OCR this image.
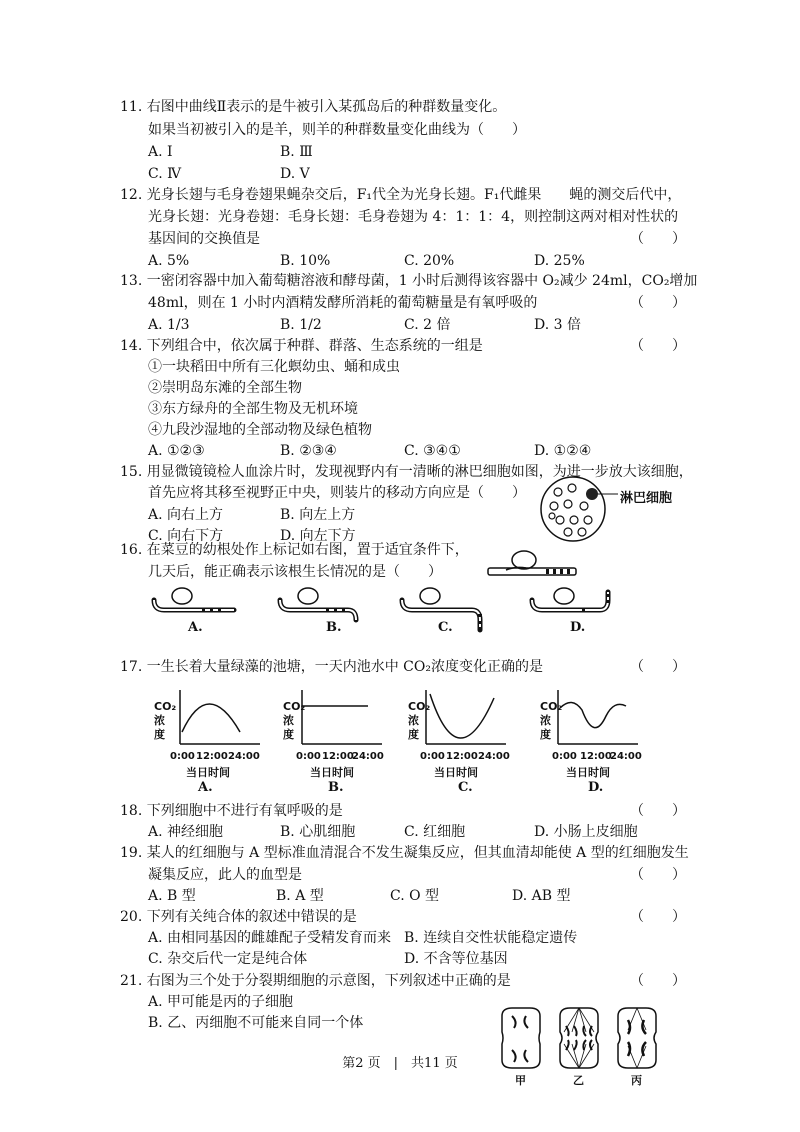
11. 右图中曲线Ⅱ表示的是牛被引入某孤岛后的种群数量变化。
如果当初被引入的是羊，则羊的种群数量变化曲线为（　　）
A. Ⅰ	B. Ⅲ
C. Ⅳ	D. Ⅴ
12. 光身长翅与毛身卷翅果蝇杂交后，F₁代全为光身长翅。F₁代雌果　　蝇的测交后代中，
光身长翅：光身卷翅：毛身长翅：毛身卷翅为 4：1：1：4，则控制这两对相对性状的
基因间的交换值是	（　　）
A. 5%	B. 10%	C. 20%	D. 25%
13. 一密闭容器中加入葡萄糖溶液和酵母菌，1 小时后测得该容器中 O₂减少 24ml，CO₂增加
48ml，则在 1 小时内酒精发酵所消耗的葡萄糖量是有氧呼吸的	（　　）
A. 1/3	B. 1/2	C. 2 倍	D. 3 倍
14. 下列组合中，依次属于种群、群落、生态系统的一组是	（　　）
①一块稻田中所有三化螟幼虫、蛹和成虫
②崇明岛东滩的全部生物
③东方绿舟的全部生物及无机环境
④九段沙湿地的全部动物及绿色植物
A. ①②③	B. ②③④	C. ③④①	D. ①②④
15. 用显微镜镜检人血涂片时，发现视野内有一清晰的淋巴细胞如图，为进一步放大该细胞，
首先应将其移至视野正中央，则装片的移动方向应是（　　）
A. 向右上方	B. 向左上方
C. 向右下方	D. 向左下方
淋巴细胞
16. 在菜豆的幼根处作上标记如右图，置于适宜条件下，
几天后，能正确表示该根生长情况的是（　　）
A.	B.	C.	D.
17. 一生长着大量绿藻的池塘，一天内池水中 CO₂浓度变化正确的是	（　　）
CO₂浓度
0:00 12:00 24:00
当日时间
A.
CO₂浓度
0:00 12:00
24:00
当日时间
B.
CO₂浓度
0:00 12:00 24:00
当日时间
C.
CO₂浓度
0:00 12:00
24:00
当日时间
D.
18. 下列细胞中不进行有氧呼吸的是	（　　）
A. 神经细胞	B. 心肌细胞	C. 红细胞	D. 小肠上皮细胞
19. 某人的红细胞与 A 型标准血清混合不发生凝集反应，但其血清却能使 A 型的红细胞发生
凝集反应，此人的血型是	（　　）
A. B 型	B. A 型	C. O 型	D. AB 型
20. 下列有关纯合体的叙述中错误的是	（　　）
A. 由相同基因的雌雄配子受精发育而来 B. 连续自交性状能稳定遗传
C. 杂交后代一定是纯合体	D. 不含等位基因
21. 右图为三个处于分裂期细胞的示意图，下列叙述中正确的是	（　　）
A. 甲可能是丙的子细胞
B. 乙、丙细胞不可能来自同一个体
甲	乙	丙
第2 页　|　共11 页
